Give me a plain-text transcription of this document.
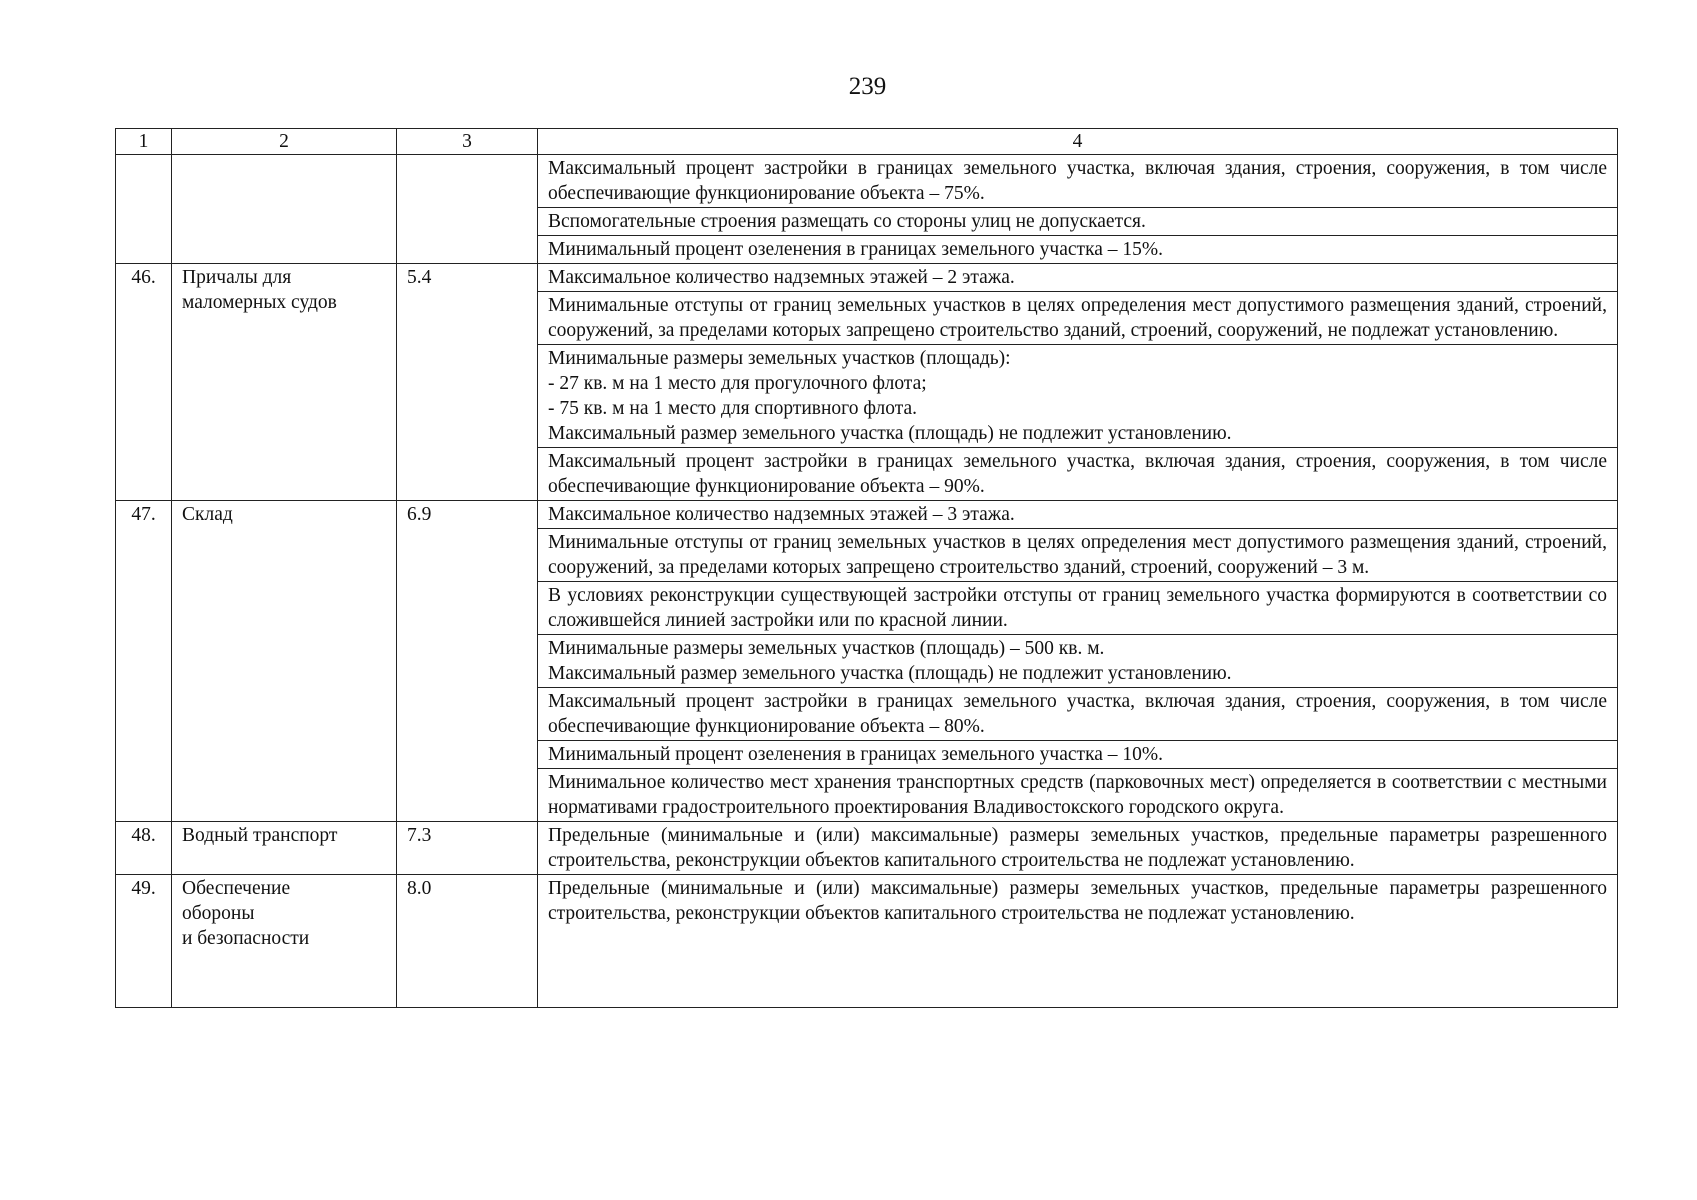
239
1	2	3	4

			Максимальный процент застройки в границах земельного участка, включая здания, строения, сооружения, в том числе обеспечивающие функционирование объекта – 75%.

			Вспомогательные строения размещать со стороны улиц не допускается.

			Минимальный процент озеленения в границах земельного участка – 15%.

46.	Причалы для
маломерных судов	5.4	Максимальное количество надземных этажей – 2 этажа.

			Минимальные отступы от границ земельных участков в целях определения мест допустимого размещения зданий, строений, сооружений, за пределами которых запрещено строительство зданий, строений, сооружений, не подлежат установлению.

			Минимальные размеры земельных участков (площадь):
- 27 кв. м на 1 место для прогулочного флота;
- 75 кв. м на 1 место для спортивного флота.
Максимальный размер земельного участка (площадь) не подлежит установлению.

			Максимальный процент застройки в границах земельного участка, включая здания, строения, сооружения, в том числе обеспечивающие функционирование объекта – 90%.

47.	Склад	6.9	Максимальное количество надземных этажей – 3 этажа.

			Минимальные отступы от границ земельных участков в целях определения мест допустимого размещения зданий, строений, сооружений, за пределами которых запрещено строительство зданий, строений, сооружений – 3 м.

			В условиях реконструкции существующей застройки отступы от границ земельного участка формируются в соответствии со сложившейся линией застройки или по красной линии.

			Минимальные размеры земельных участков (площадь) – 500 кв. м.
Максимальный размер земельного участка (площадь) не подлежит установлению.

			Максимальный процент застройки в границах земельного участка, включая здания, строения, сооружения, в том числе обеспечивающие функционирование объекта – 80%.

			Минимальный процент озеленения в границах земельного участка – 10%.

			Минимальное количество мест хранения транспортных средств (парковочных мест) определяется в соответствии с местными нормативами градостроительного проектирования Владивостокского городского округа.

48.	Водный транспорт	7.3	Предельные (минимальные и (или) максимальные) размеры земельных участков, предельные параметры разрешенного строительства, реконструкции объектов капитального строительства не подлежат установлению.

49.	Обеспечение
обороны
и безопасности	8.0	Предельные (минимальные и (или) максимальные) размеры земельных участков, предельные параметры разрешенного строительства, реконструкции объектов капитального строительства не подлежат установлению.
